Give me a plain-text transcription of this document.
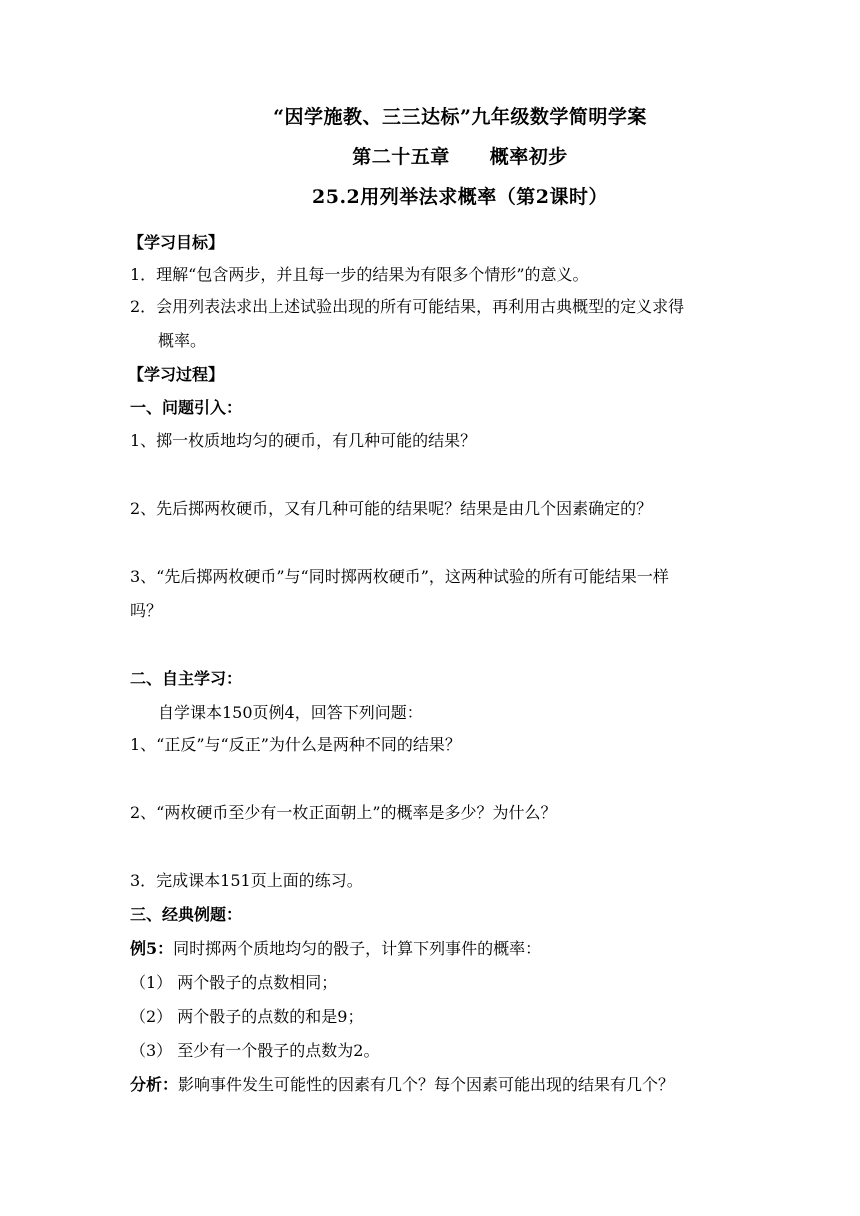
“因学施教、三三达标”九年级数学简明学案
第二十五章 概率初步
25.2用列举法求概率（第2课时）
【学习目标】
1．理解“包含两步，并且每一步的结果为有限多个情形”的意义。
2．会用列表法求出上述试验出现的所有可能结果，再利用古典概型的定义求得
概率。
【学习过程】
一、问题引入：
1、掷一枚质地均匀的硬币，有几种可能的结果？
2、先后掷两枚硬币，又有几种可能的结果呢？结果是由几个因素确定的？
3、“先后掷两枚硬币”与“同时掷两枚硬币”，这两种试验的所有可能结果一样
吗？
二、自主学习：
自学课本150页例4，回答下列问题：
1、“正反”与“反正”为什么是两种不同的结果？
2、“两枚硬币至少有一枚正面朝上”的概率是多少？为什么？
3．完成课本151页上面的练习。
三、经典例题：
例5：同时掷两个质地均匀的骰子，计算下列事件的概率：
（1） 两个骰子的点数相同；
（2） 两个骰子的点数的和是9；
（3） 至少有一个骰子的点数为2。
分析：影响事件发生可能性的因素有几个？每个因素可能出现的结果有几个？
